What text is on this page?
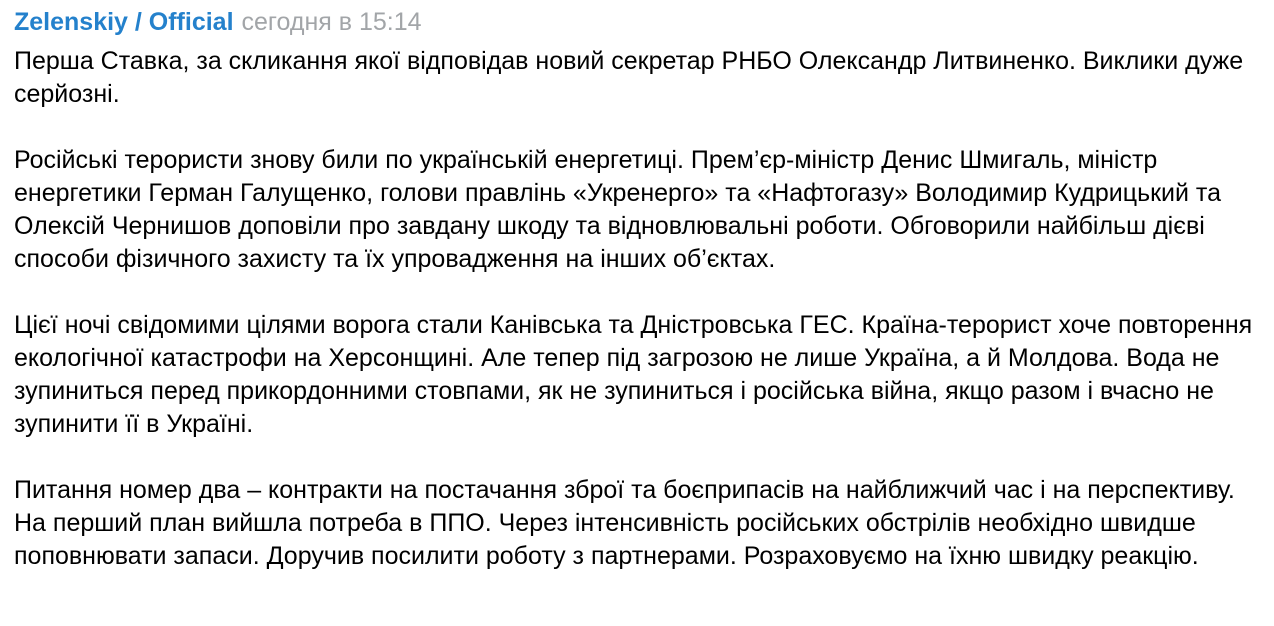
Zelenskiy / Official сегодня в 15:14

Перша Ставка, за скликання якої відповідав новий секретар РНБО Олександр Литвиненко. Виклики дуже серйозні.

Російські терористи знову били по українській енергетиці. Прем’єр-міністр Денис Шмигаль, міністр енергетики Герман Галущенко, голови правлінь «Укренерго» та «Нафтогазу» Володимир Кудрицький та Олексій Чернишов доповіли про завдану шкоду та відновлювальні роботи. Обговорили найбільш дієві способи фізичного захисту та їх упровадження на інших об’єктах.

Цієї ночі свідомими цілями ворога стали Канівська та Дністровська ГЕС. Країна-терорист хоче повторення екологічної катастрофи на Херсонщині. Але тепер під загрозою не лише Україна, а й Молдова. Вода не зупиниться перед прикордонними стовпами, як не зупиниться і російська війна, якщо разом і вчасно не зупинити її в Україні.

Питання номер два – контракти на постачання зброї та боєприпасів на найближчий час і на перспективу. На перший план вийшла потреба в ППО. Через інтенсивність російських обстрілів необхідно швидше поповнювати запаси. Доручив посилити роботу з партнерами. Розраховуємо на їхню швидку реакцію.
